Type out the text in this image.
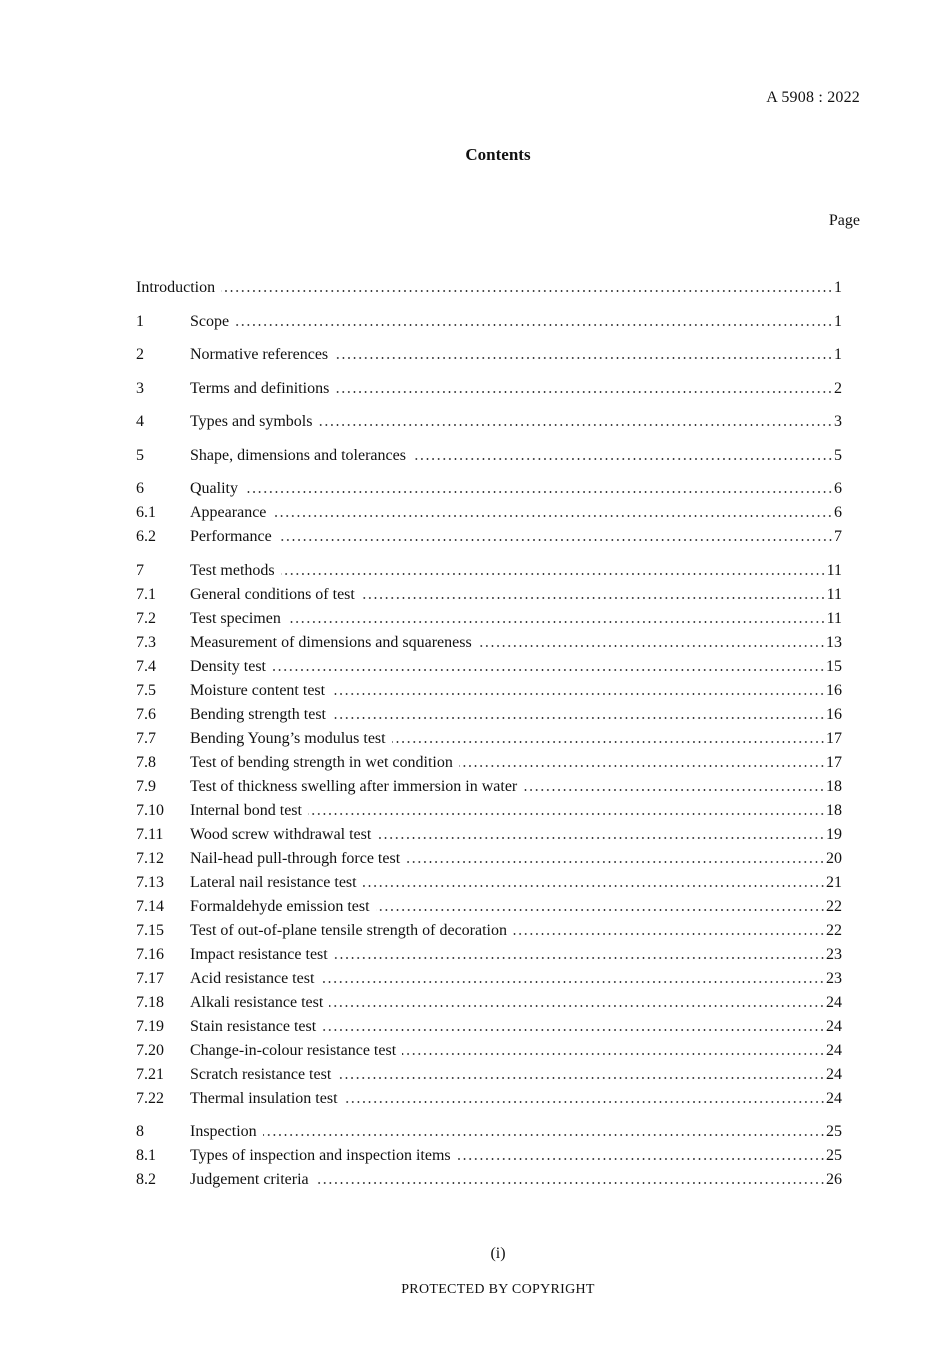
A 5908 : 2022
Contents
Page
Introduction	1
1	Scope	1
2	Normative references	1
3	Terms and definitions	2
4	Types and symbols	3
5	Shape, dimensions and tolerances	5
6	Quality	6
6.1	Appearance	6
6.2	Performance	7
7	Test methods	11
7.1	General conditions of test	11
7.2	Test specimen	11
7.3	Measurement of dimensions and squareness	13
7.4	Density test	15
7.5	Moisture content test	16
7.6	Bending strength test	16
7.7	Bending Young’s modulus test	17
7.8	Test of bending strength in wet condition	17
7.9	Test of thickness swelling after immersion in water	18
7.10	Internal bond test	18
7.11	Wood screw withdrawal test	19
7.12	Nail-head pull-through force test	20
7.13	Lateral nail resistance test	21
7.14	Formaldehyde emission test	22
7.15	Test of out-of-plane tensile strength of decoration	22
7.16	Impact resistance test	23
7.17	Acid resistance test	23
7.18	Alkali resistance test	24
7.19	Stain resistance test	24
7.20	Change-in-colour resistance test	24
7.21	Scratch resistance test	24
7.22	Thermal insulation test	24
8	Inspection	25
8.1	Types of inspection and inspection items	25
8.2	Judgement criteria	26
(i)
PROTECTED BY COPYRIGHT
